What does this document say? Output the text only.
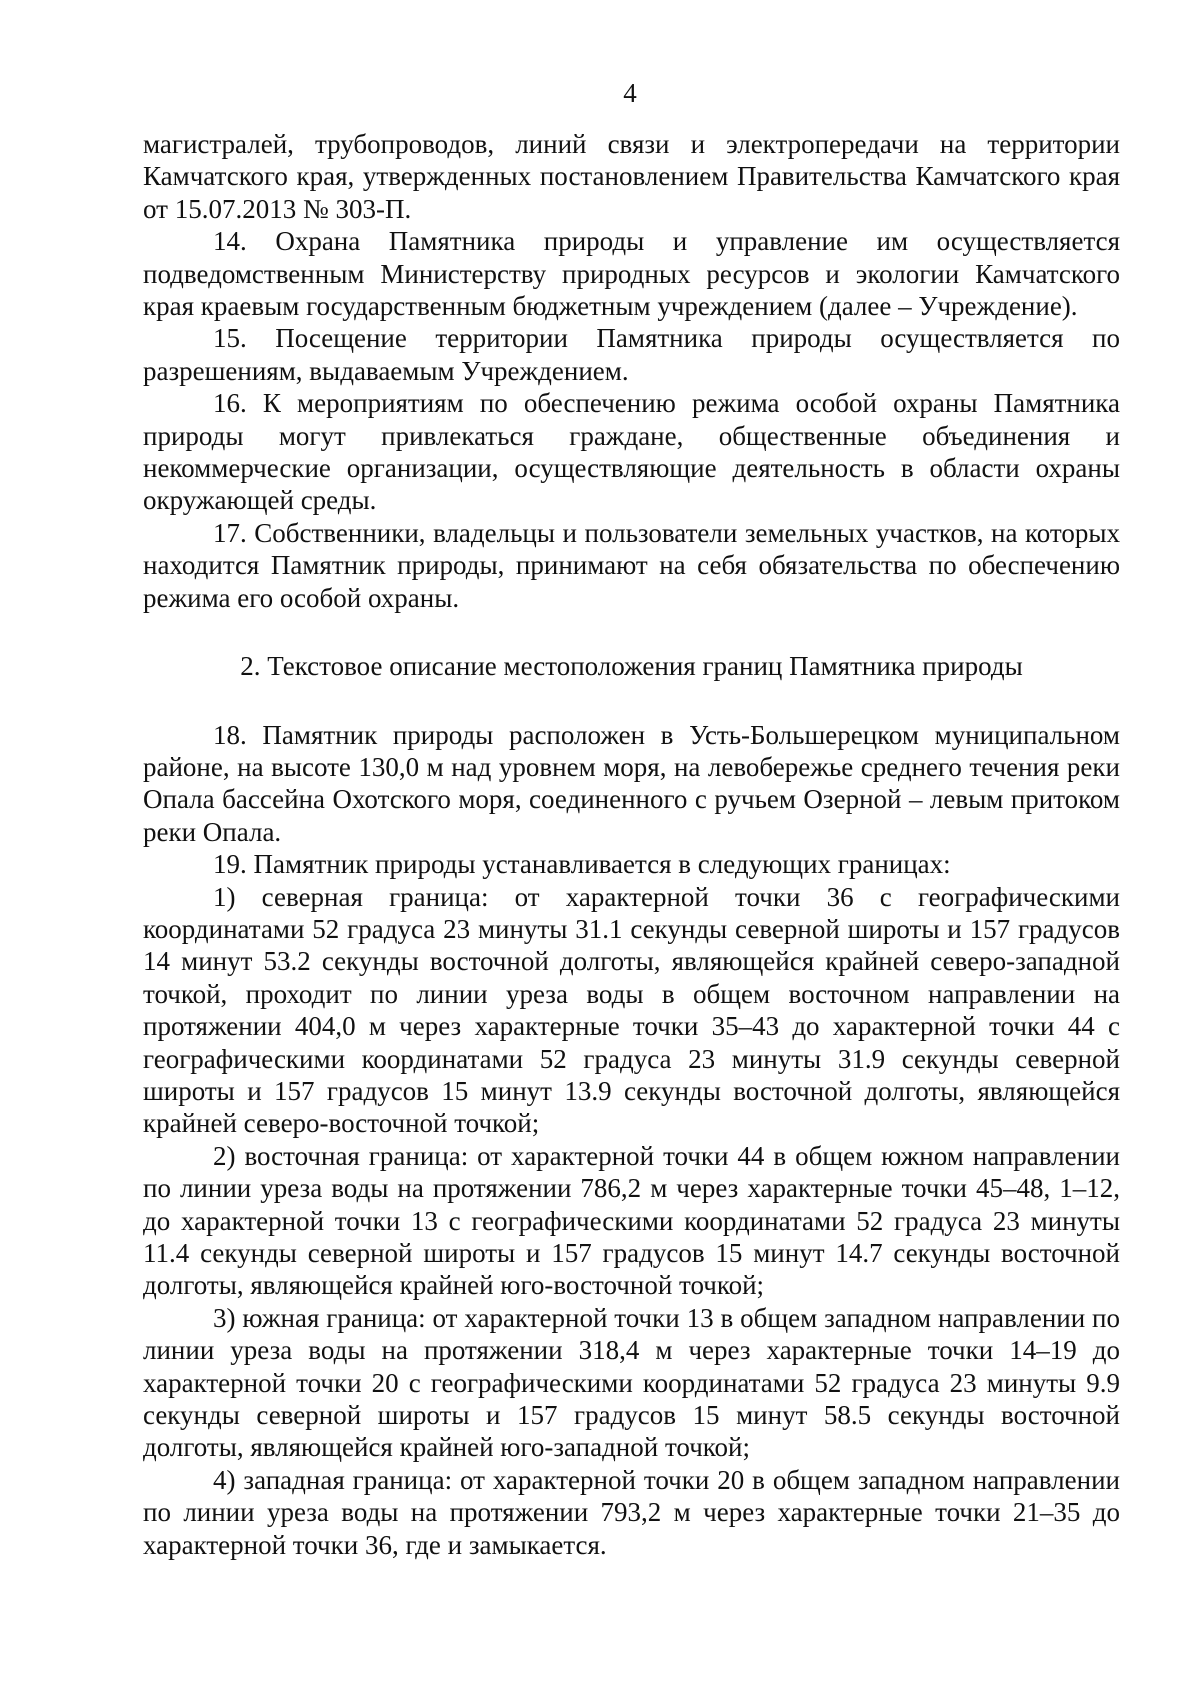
4

магистралей, трубопроводов, линий связи и электропередачи на территории Камчатского края, утвержденных постановлением Правительства Камчатского края от 15.07.2013 № 303-П.

14. Охрана Памятника природы и управление им осуществляется подведомственным Министерству природных ресурсов и экологии Камчатского края краевым государственным бюджетным учреждением (далее – Учреждение).

15. Посещение территории Памятника природы осуществляется по разрешениям, выдаваемым Учреждением.

16. К мероприятиям по обеспечению режима особой охраны Памятника природы могут привлекаться граждане, общественные объединения и некоммерческие организации, осуществляющие деятельность в области охраны окружающей среды.

17. Собственники, владельцы и пользователи земельных участков, на которых находится Памятник природы, принимают на себя обязательства по обеспечению режима его особой охраны.

2. Текстовое описание местоположения границ Памятника природы

18. Памятник природы расположен в Усть-Большерецком муниципальном районе, на высоте 130,0 м над уровнем моря, на левобережье среднего течения реки Опала бассейна Охотского моря, соединенного с ручьем Озерной – левым притоком реки Опала.

19. Памятник природы устанавливается в следующих границах:

1) северная граница: от характерной точки 36 с географическими координатами 52 градуса 23 минуты 31.1 секунды северной широты и 157 градусов 14 минут 53.2 секунды восточной долготы, являющейся крайней северо-западной точкой, проходит по линии уреза воды в общем восточном направлении на протяжении 404,0 м через характерные точки 35–43 до характерной точки 44 с географическими координатами 52 градуса 23 минуты 31.9 секунды северной широты и 157 градусов 15 минут 13.9 секунды восточной долготы, являющейся крайней северо-восточной точкой;

2) восточная граница: от характерной точки 44 в общем южном направлении по линии уреза воды на протяжении 786,2 м через характерные точки 45–48, 1–12, до характерной точки 13 с географическими координатами 52 градуса 23 минуты 11.4 секунды северной широты и 157 градусов 15 минут 14.7 секунды восточной долготы, являющейся крайней юго-восточной точкой;

3) южная граница: от характерной точки 13 в общем западном направлении по линии уреза воды на протяжении 318,4 м через характерные точки 14–19 до характерной точки 20 с географическими координатами 52 градуса 23 минуты 9.9 секунды северной широты и 157 градусов 15 минут 58.5 секунды восточной долготы, являющейся крайней юго-западной точкой;

4) западная граница: от характерной точки 20 в общем западном направлении по линии уреза воды на протяжении 793,2 м через характерные точки 21–35 до характерной точки 36, где и замыкается.
